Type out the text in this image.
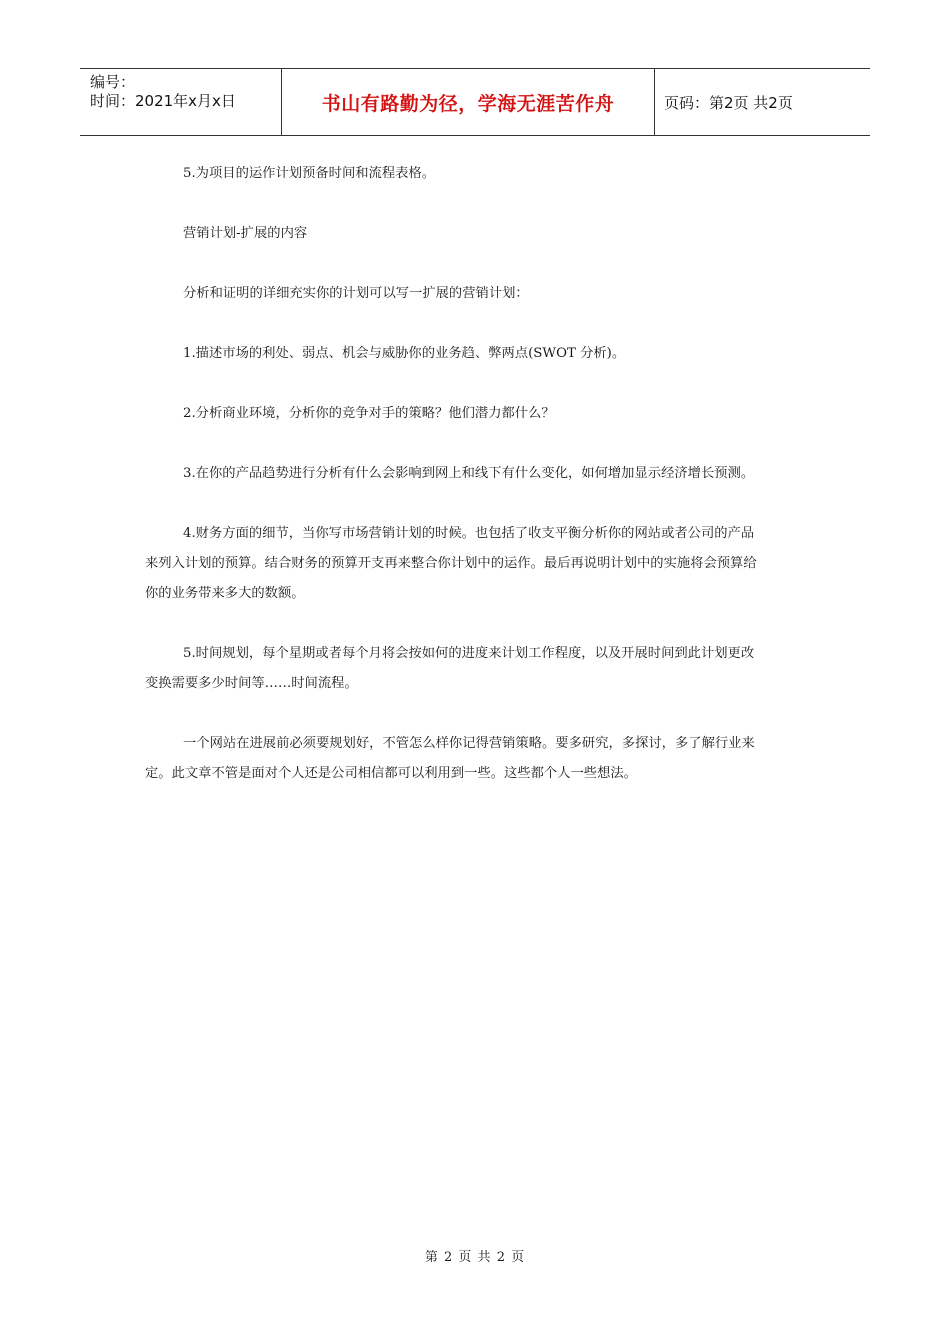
编号：
时间：2021年x月x日	书山有路勤为径，学海无涯苦作舟	页码：第2页 共2页
5.为项目的运作计划预备时间和流程表格。
营销计划-扩展的内容
分析和证明的详细充实你的计划可以写一扩展的营销计划：
1.描述市场的利处、弱点、机会与威胁你的业务趋、弊两点(SWOT 分析)。
2.分析商业环境，分析你的竞争对手的策略？他们潜力都什么？
3.在你的产品趋势进行分析有什么会影响到网上和线下有什么变化，如何增加显示经济增长预测。
4.财务方面的细节，当你写市场营销计划的时候。也包括了收支平衡分析你的网站或者公司的产品
来列入计划的预算。结合财务的预算开支再来整合你计划中的运作。最后再说明计划中的实施将会预算给
你的业务带来多大的数额。
5.时间规划，每个星期或者每个月将会按如何的进度来计划工作程度，以及开展时间到此计划更改
变换需要多少时间等……时间流程。
一个网站在进展前必须要规划好，不管怎么样你记得营销策略。要多研究，多探讨，多了解行业来
定。此文章不管是面对个人还是公司相信都可以利用到一些。这些都个人一些想法。
第 2 页 共 2 页
